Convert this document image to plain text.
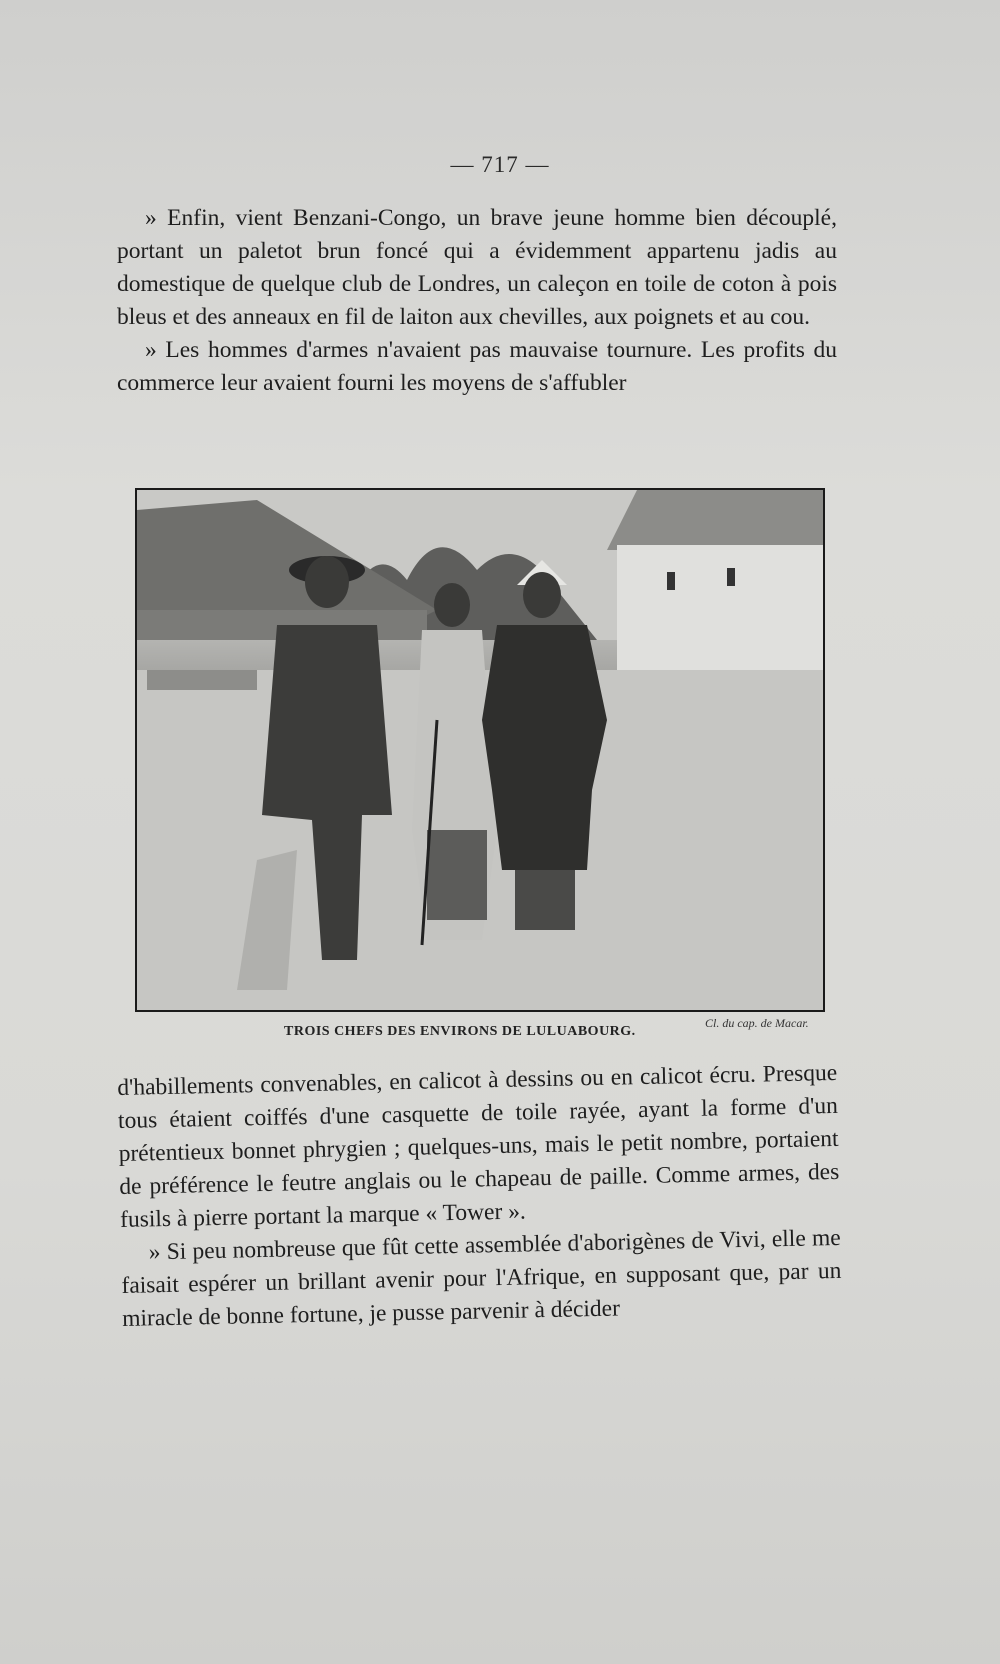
— 717 —

» Enfin, vient Benzani-Congo, un brave jeune homme bien découplé, portant un paletot brun foncé qui a évidemment appartenu jadis au domestique de quelque club de Londres, un caleçon en toile de coton à pois bleus et des anneaux en fil de laiton aux chevilles, aux poignets et au cou.

» Les hommes d'armes n'avaient pas mauvaise tournure. Les profits du commerce leur avaient fourni les moyens de s'affubler

TROIS CHEFS DES ENVIRONS DE LULUABOURG.
Cl. du cap. de Macar.

d'habillements convenables, en calicot à dessins ou en calicot écru. Presque tous étaient coiffés d'une casquette de toile rayée, ayant la forme d'un prétentieux bonnet phrygien ; quelques-uns, mais le petit nombre, portaient de préférence le feutre anglais ou le chapeau de paille. Comme armes, des fusils à pierre portant la marque « Tower ».

» Si peu nombreuse que fût cette assemblée d'aborigènes de Vivi, elle me faisait espérer un brillant avenir pour l'Afrique, en supposant que, par un miracle de bonne fortune, je pusse parvenir à décider
